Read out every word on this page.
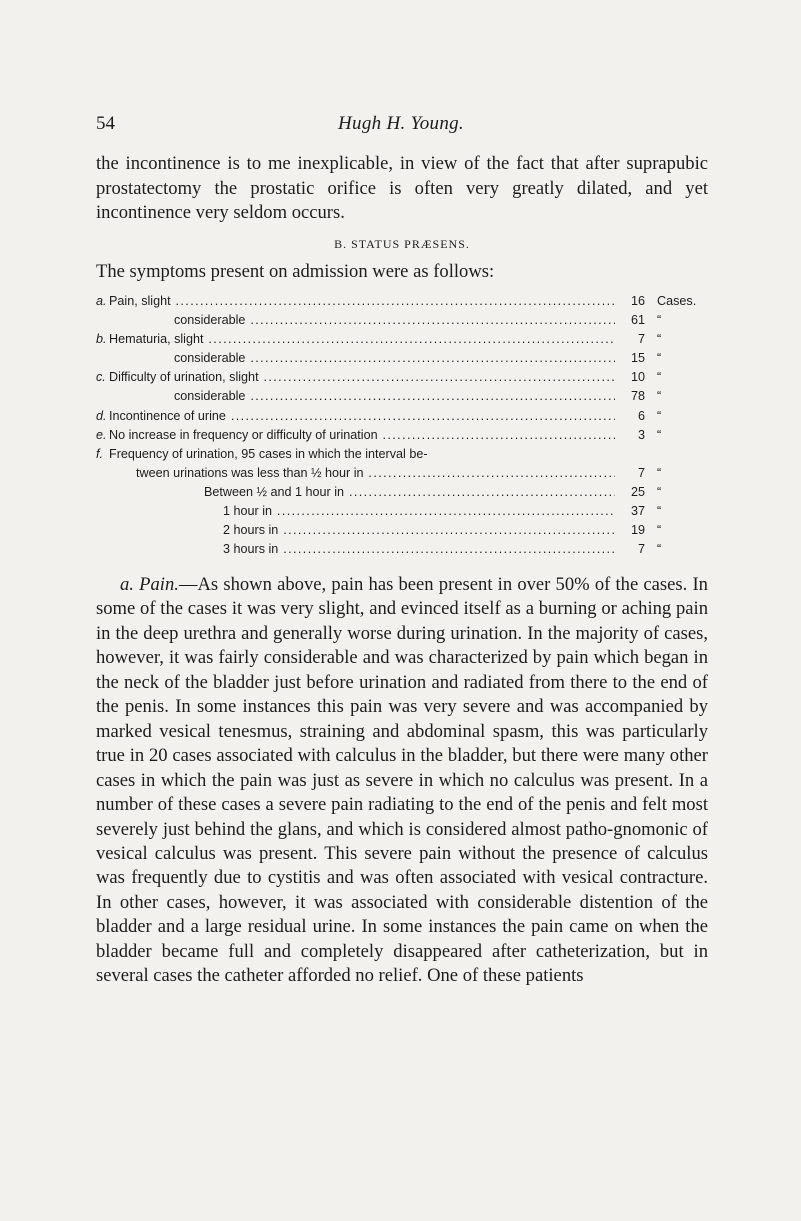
54	Hugh H. Young.
the incontinence is to me inexplicable, in view of the fact that after suprapubic prostatectomy the prostatic orifice is often very greatly dilated, and yet incontinence very seldom occurs.
B. STATUS PRÆSENS.
The symptoms present on admission were as follows:
a. Pain, slight .....	16 Cases.
considerable .....	61 “
b. Hematuria, slight .....	7 “
considerable .....	15 “
c. Difficulty of urination, slight .....	10 “
considerable .....	78 “
d. Incontinence of urine .....	6 “
e. No increase in frequency or difficulty of urination .....	3 “
f. Frequency of urination, 95 cases in which the interval be-
tween urinations was less than ½ hour in .....	7 “
Between ½ and 1 hour in .....	25 “
1 hour in .....	37 “
2 hours in .....	19 “
3 hours in .....	7 “

a. Pain.—As shown above, pain has been present in over 50% of the cases. In some of the cases it was very slight, and evinced itself as a burning or aching pain in the deep urethra and generally worse during urination. In the majority of cases, however, it was fairly considerable and was characterized by pain which began in the neck of the bladder just before urination and radiated from there to the end of the penis. In some instances this pain was very severe and was accompanied by marked vesical tenesmus, straining and abdominal spasm, this was particularly true in 20 cases associated with calculus in the bladder, but there were many other cases in which the pain was just as severe in which no calculus was present. In a number of these cases a severe pain radiating to the end of the penis and felt most severely just behind the glans, and which is considered almost patho-gnomonic of vesical calculus was present. This severe pain without the presence of calculus was frequently due to cystitis and was often associated with vesical contracture. In other cases, however, it was associated with considerable distention of the bladder and a large residual urine. In some instances the pain came on when the bladder became full and completely disappeared after catheterization, but in several cases the catheter afforded no relief. One of these patients
